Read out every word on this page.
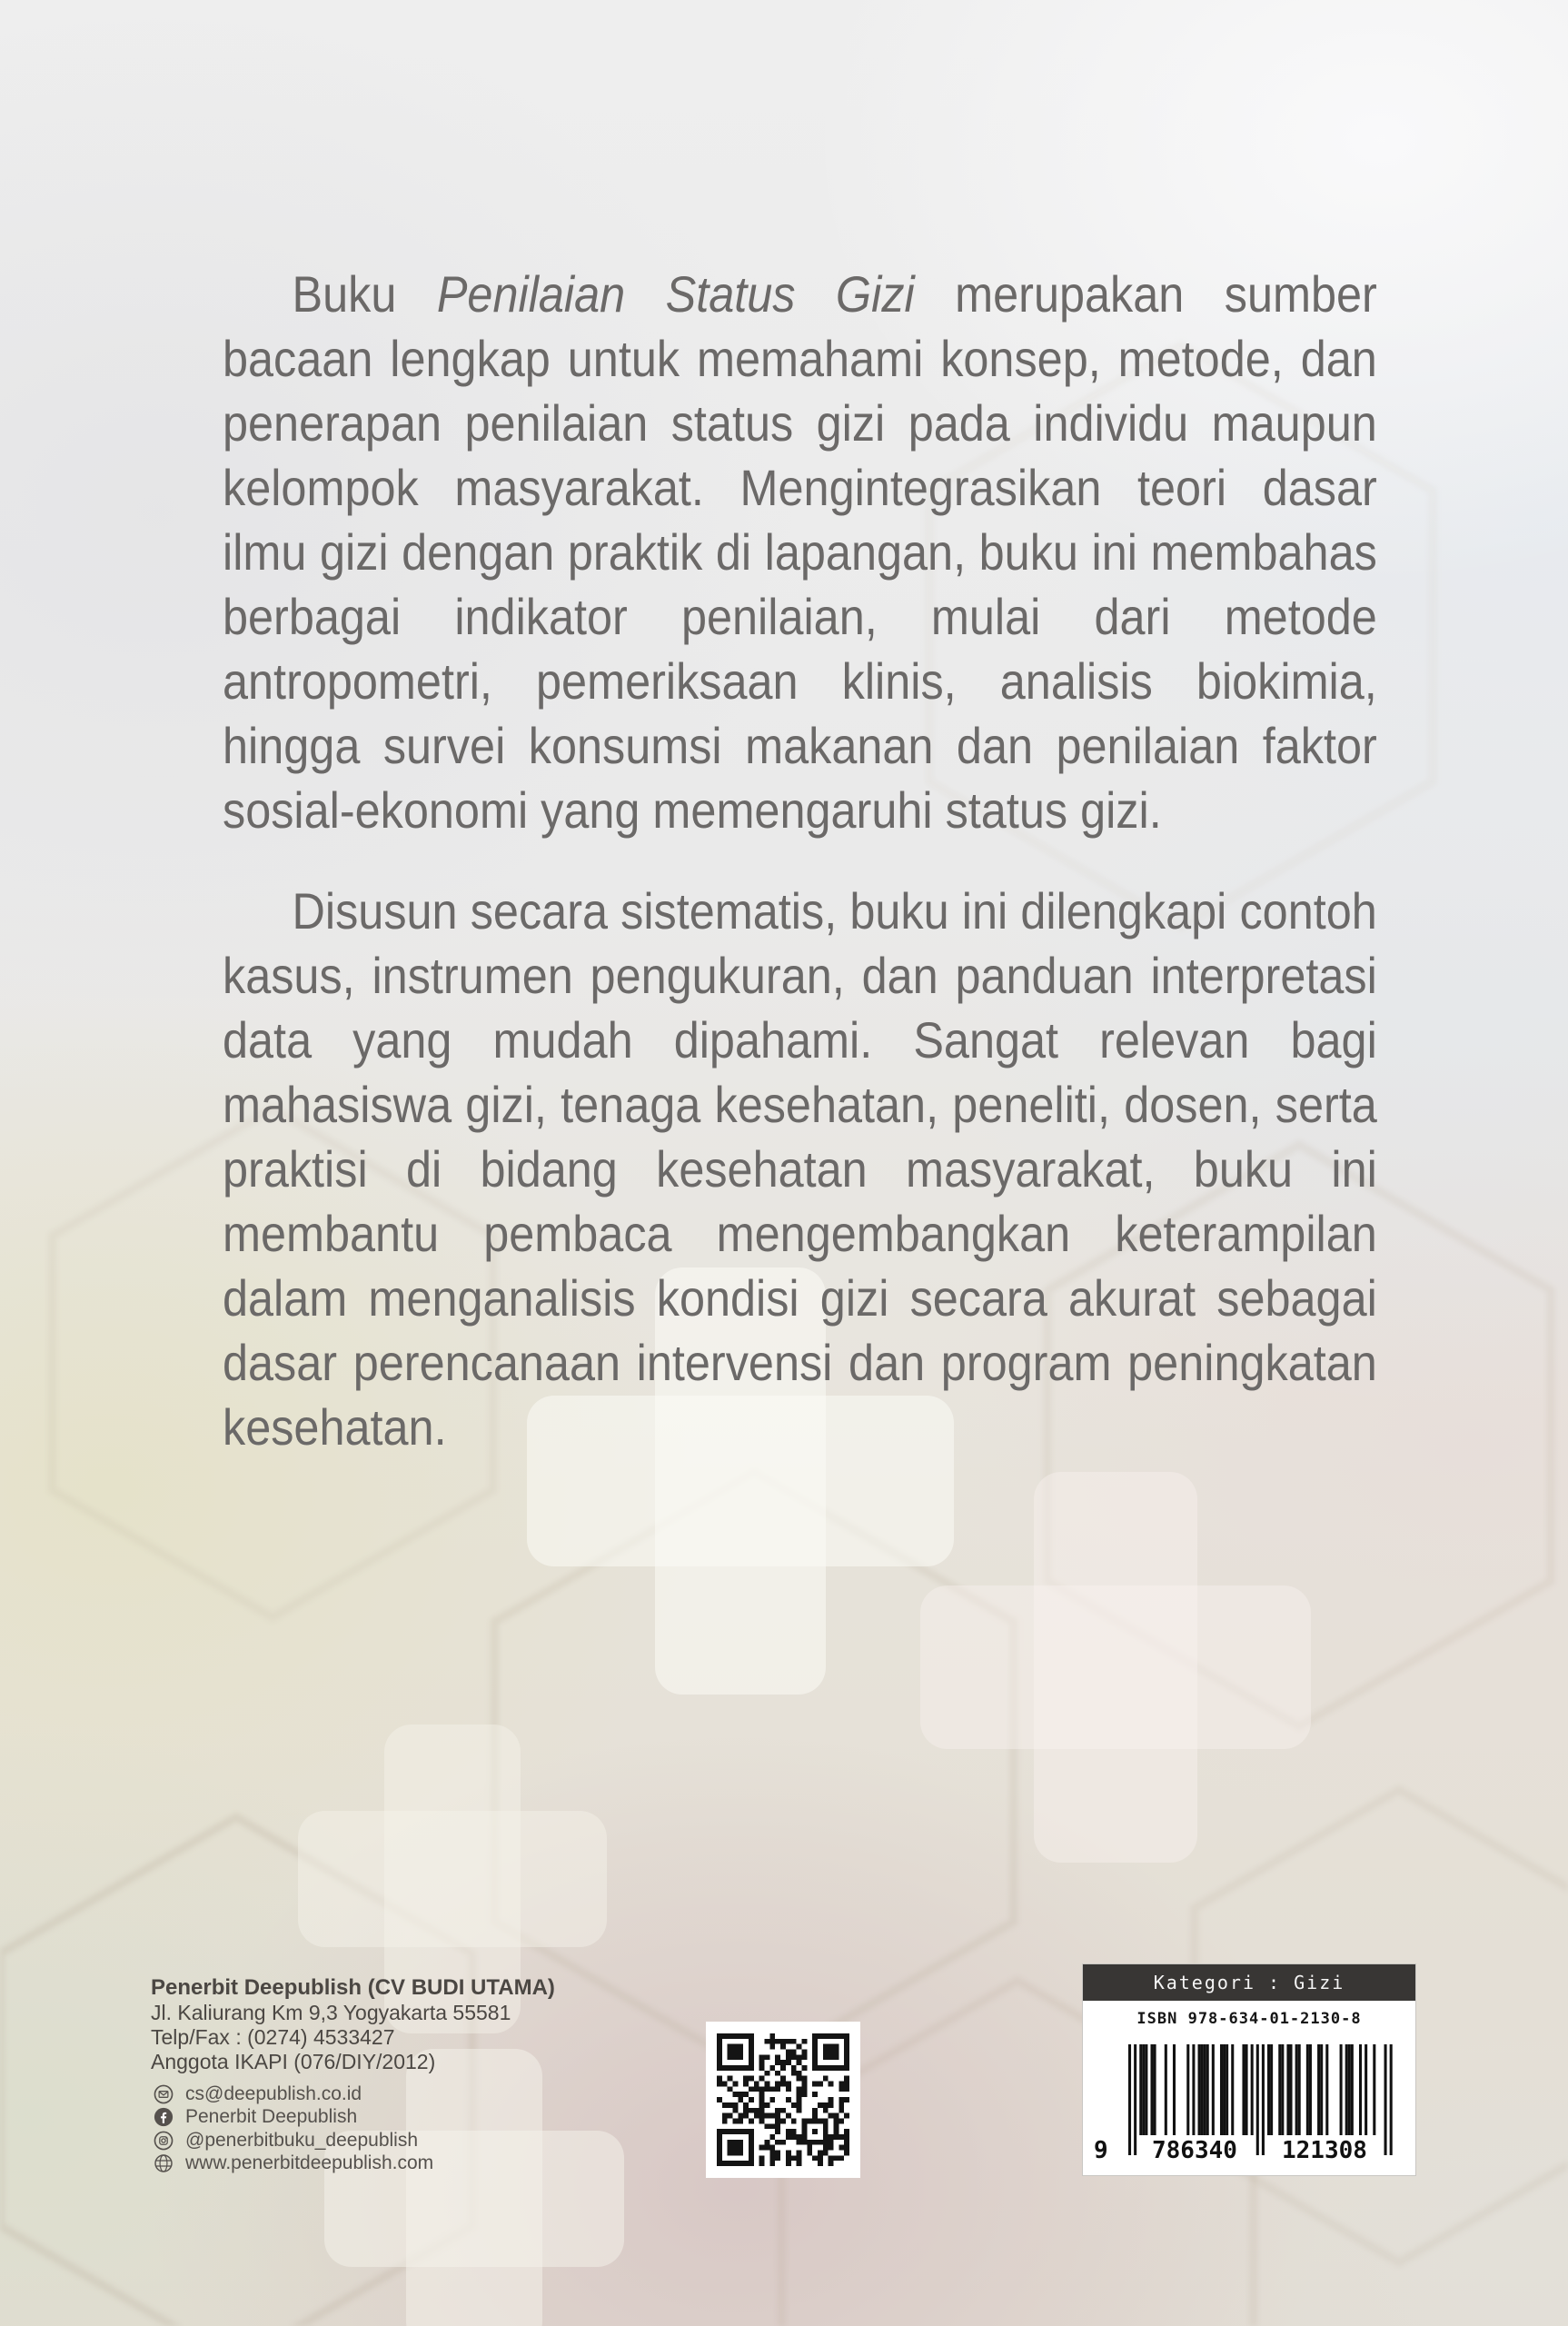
Buku Penilaian Status Gizi merupakan sumber bacaan lengkap untuk memahami konsep, metode, dan penerapan penilaian status gizi pada individu maupun kelompok masyarakat. Mengintegrasikan teori dasar ilmu gizi dengan praktik di lapangan, buku ini membahas berbagai indikator penilaian, mulai dari metode antropometri, pemeriksaan klinis, analisis biokimia, hingga survei konsumsi makanan dan penilaian faktor sosial-ekonomi yang memengaruhi status gizi.

Disusun secara sistematis, buku ini dilengkapi contoh kasus, instrumen pengukuran, dan panduan interpretasi data yang mudah dipahami. Sangat relevan bagi mahasiswa gizi, tenaga kesehatan, peneliti, dosen, serta praktisi di bidang kesehatan masyarakat, buku ini membantu pembaca mengembangkan keterampilan dalam menganalisis kondisi gizi secara akurat sebagai dasar perencanaan intervensi dan program peningkatan kesehatan.

Penerbit Deepublish (CV BUDI UTAMA)
Jl. Kaliurang Km 9,3 Yogyakarta 55581
Telp/Fax : (0274) 4533427
Anggota IKAPI (076/DIY/2012)
cs@deepublish.co.id
Penerbit Deepublish
@penerbitbuku_deepublish
www.penerbitdeepublish.com
Kategori : Gizi
ISBN 978-634-01-2130-8
9 786340 121308
